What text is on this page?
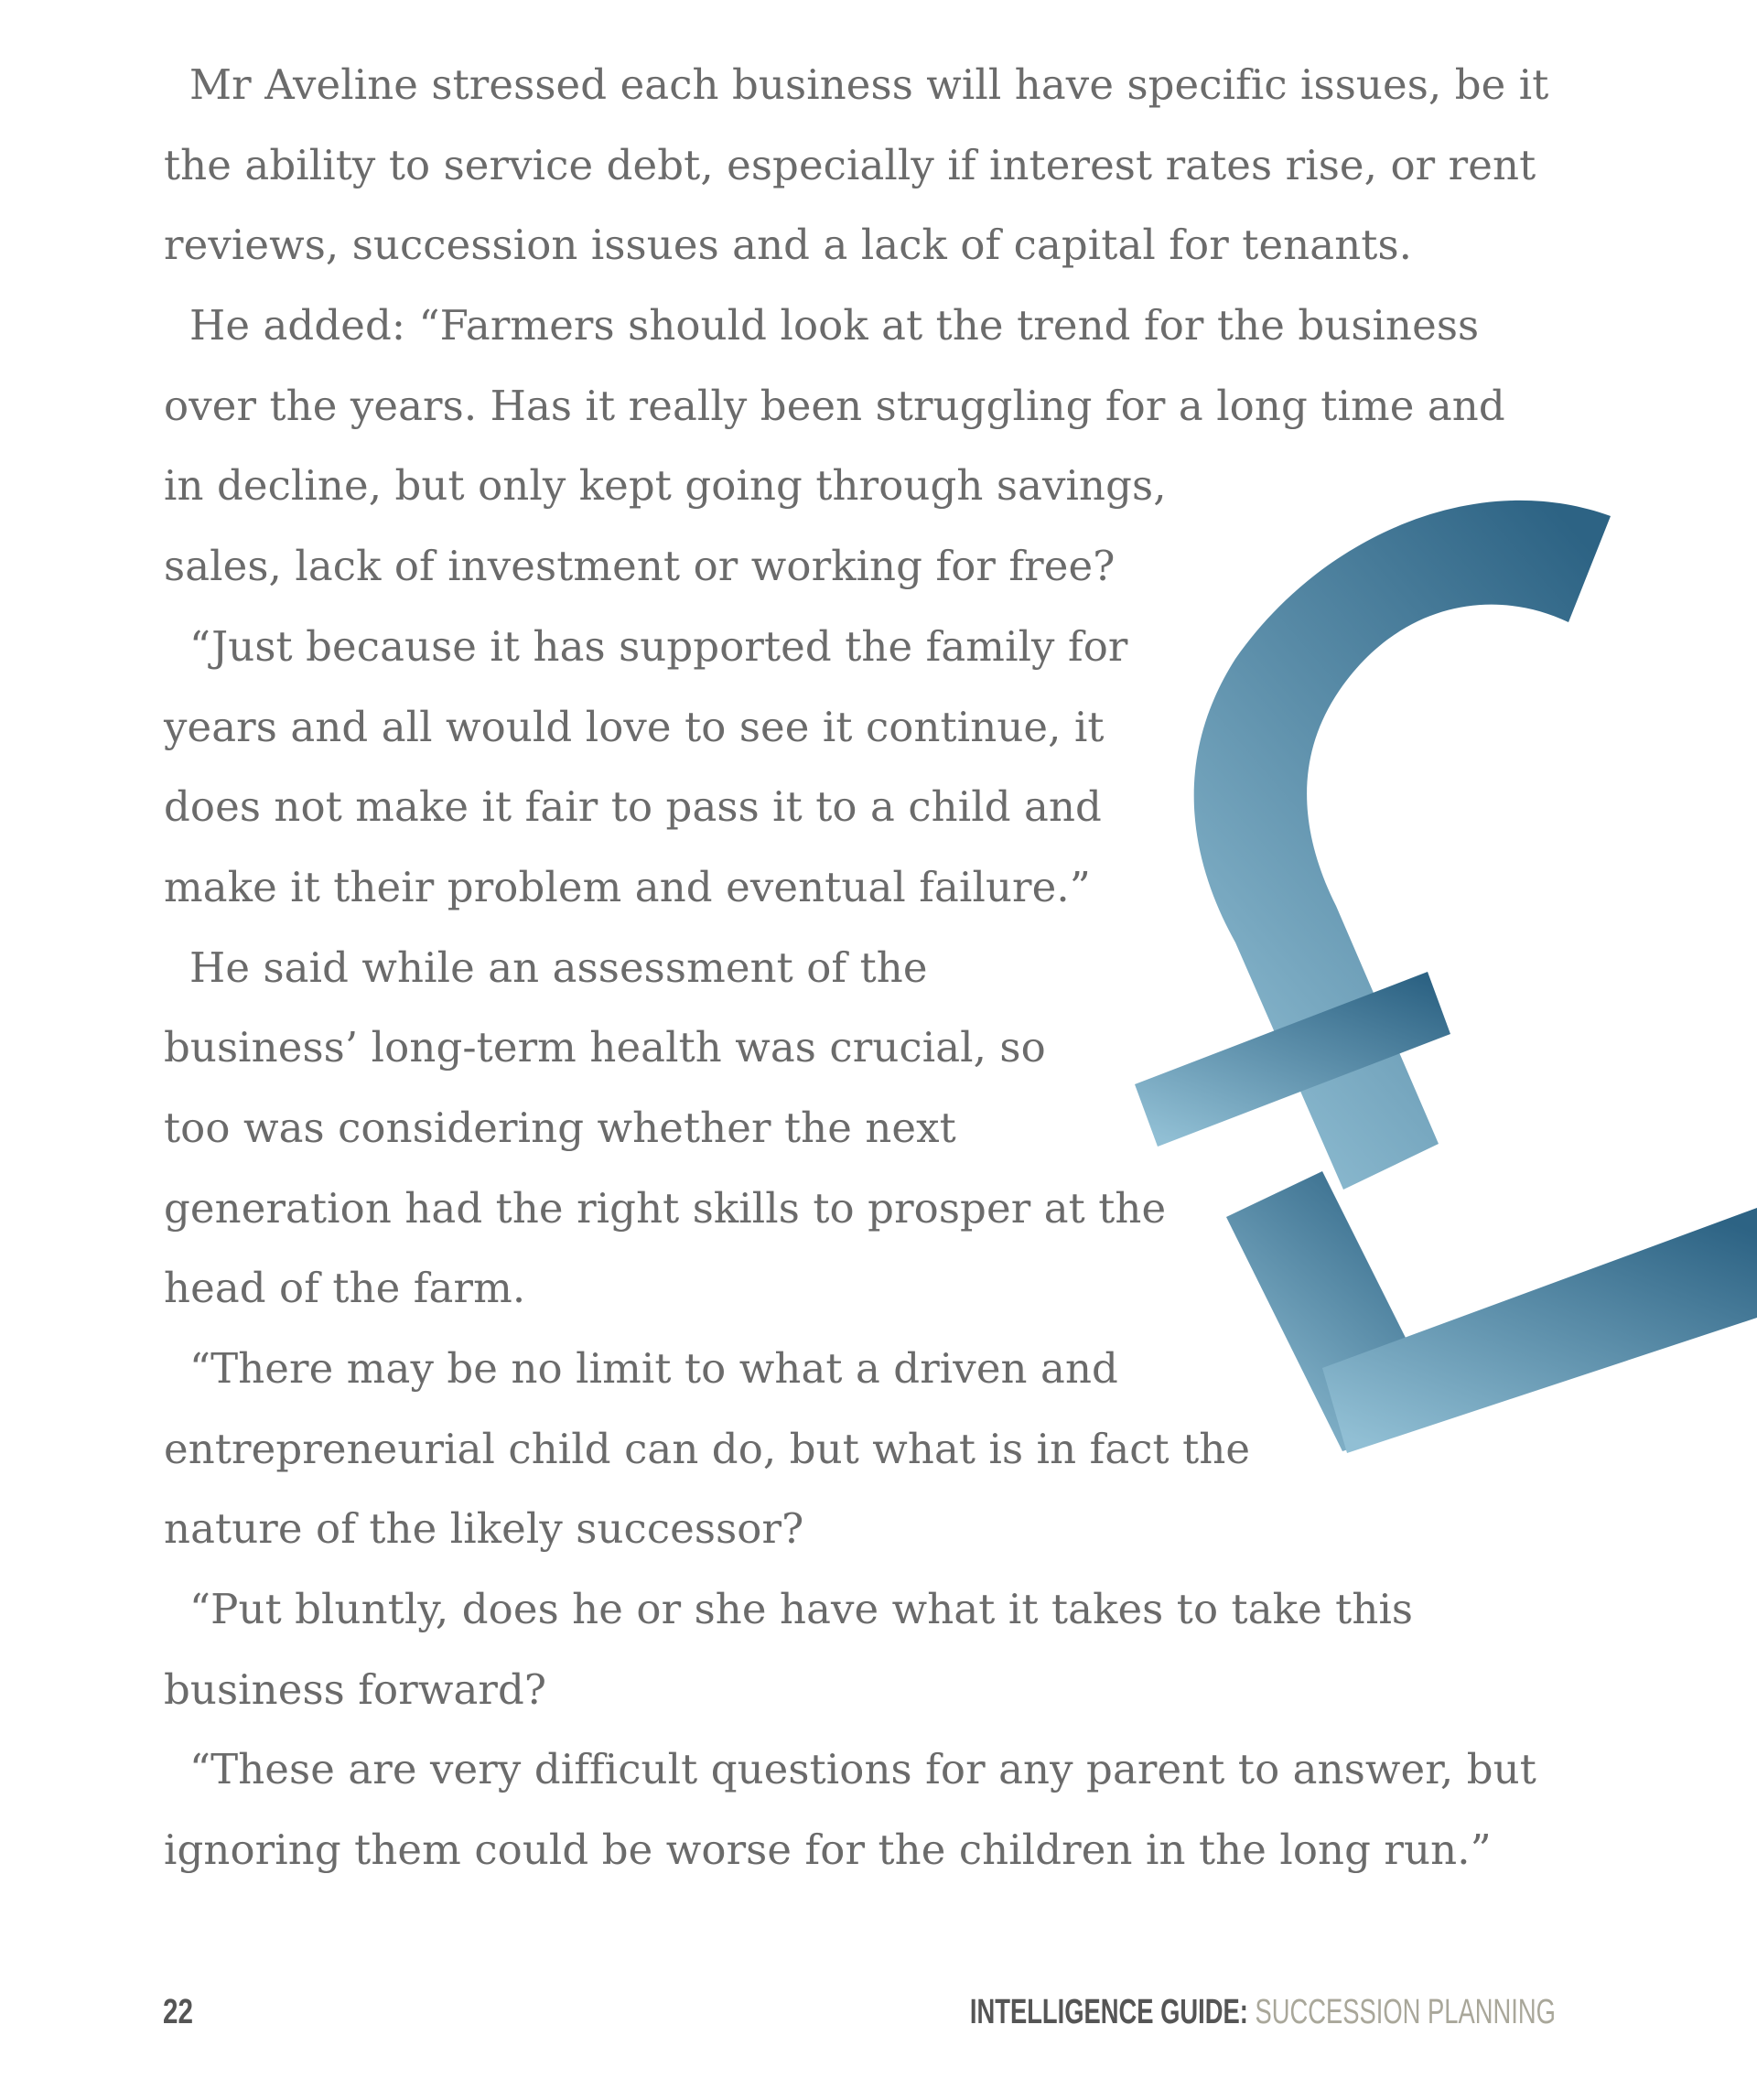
Mr Aveline stressed each business will have specific issues, be it
the ability to service debt, especially if interest rates rise, or rent
reviews, succession issues and a lack of capital for tenants.
He added: “Farmers should look at the trend for the business
over the years. Has it really been struggling for a long time and
in decline, but only kept going through savings,
sales, lack of investment or working for free?
“Just because it has supported the family for
years and all would love to see it continue, it
does not make it fair to pass it to a child and
make it their problem and eventual failure.”
He said while an assessment of the
business’ long-term health was crucial, so
too was considering whether the next
generation had the right skills to prosper at the
head of the farm.
“There may be no limit to what a driven and
entrepreneurial child can do, but what is in fact the
nature of the likely successor?
“Put bluntly, does he or she have what it takes to take this
business forward?
“These are very difficult questions for any parent to answer, but
ignoring them could be worse for the children in the long run.”
22	INTELLIGENCE GUIDE: SUCCESSION PLANNING
